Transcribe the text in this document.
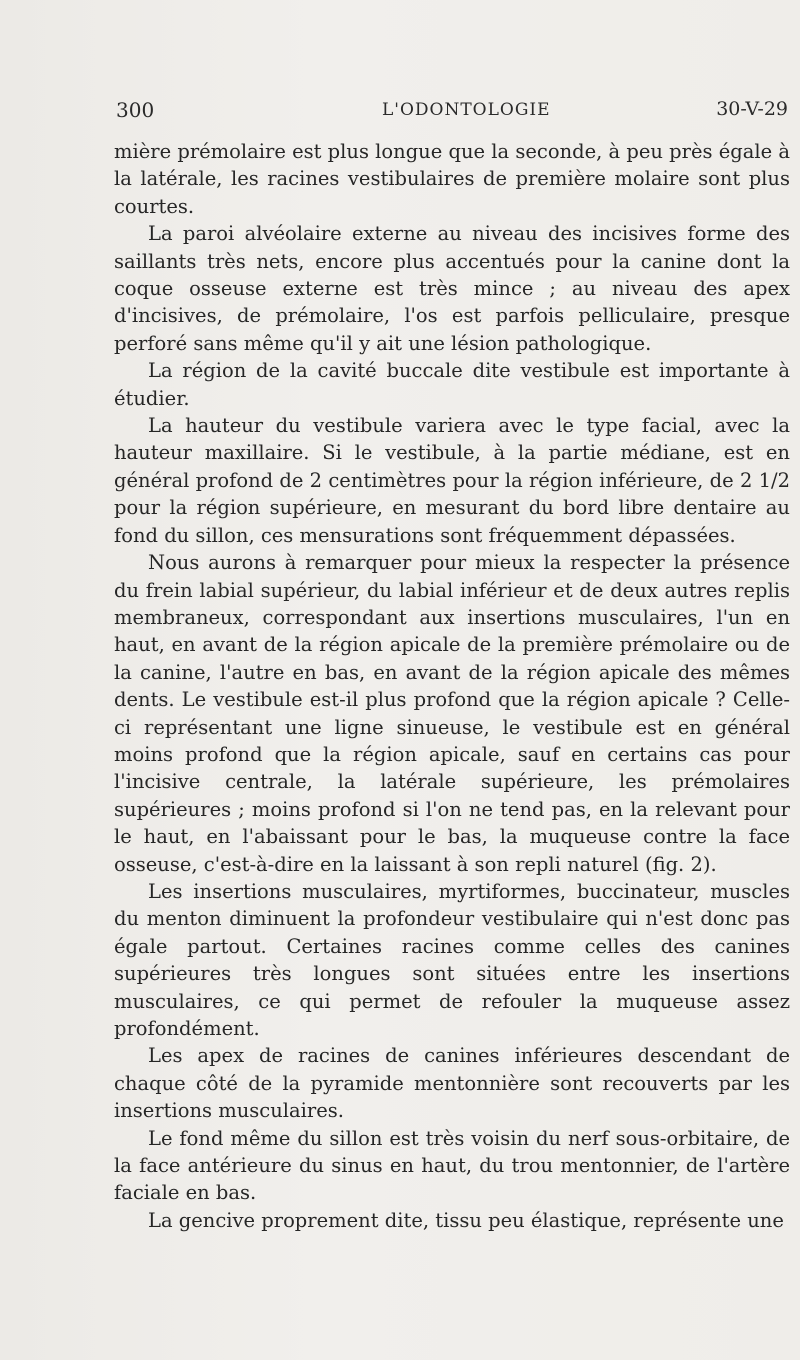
300	L'ODONTOLOGIE	30-V-29

mière prémolaire est plus longue que la seconde, à peu près égale à la latérale, les racines vestibulaires de première molaire sont plus courtes.

La paroi alvéolaire externe au niveau des incisives forme des saillants très nets, encore plus accentués pour la canine dont la coque osseuse externe est très mince ; au niveau des apex d'incisives, de prémolaire, l'os est parfois pelliculaire, presque perforé sans même qu'il y ait une lésion pathologique.

La région de la cavité buccale dite vestibule est importante à étudier.

La hauteur du vestibule variera avec le type facial, avec la hauteur maxillaire. Si le vestibule, à la partie médiane, est en général profond de 2 centimètres pour la région inférieure, de 2 1/2 pour la région supérieure, en mesurant du bord libre dentaire au fond du sillon, ces mensurations sont fréquemment dépassées.

Nous aurons à remarquer pour mieux la respecter la présence du frein labial supérieur, du labial inférieur et de deux autres replis membraneux, correspondant aux insertions musculaires, l'un en haut, en avant de la région apicale de la première prémolaire ou de la canine, l'autre en bas, en avant de la région apicale des mêmes dents. Le vestibule est-il plus profond que la région apicale ? Celle-ci représentant une ligne sinueuse, le vestibule est en général moins profond que la région apicale, sauf en certains cas pour l'incisive centrale, la latérale supérieure, les prémolaires supérieures ; moins profond si l'on ne tend pas, en la relevant pour le haut, en l'abaissant pour le bas, la muqueuse contre la face osseuse, c'est-à-dire en la laissant à son repli naturel (fig. 2).

Les insertions musculaires, myrtiformes, buccinateur, muscles du menton diminuent la profondeur vestibulaire qui n'est donc pas égale partout. Certaines racines comme celles des canines supérieures très longues sont situées entre les insertions musculaires, ce qui permet de refouler la muqueuse assez profondément.

Les apex de racines de canines inférieures descendant de chaque côté de la pyramide mentonnière sont recouverts par les insertions musculaires.

Le fond même du sillon est très voisin du nerf sous-orbitaire, de la face antérieure du sinus en haut, du trou mentonnier, de l'artère faciale en bas.

La gencive proprement dite, tissu peu élastique, représente une
